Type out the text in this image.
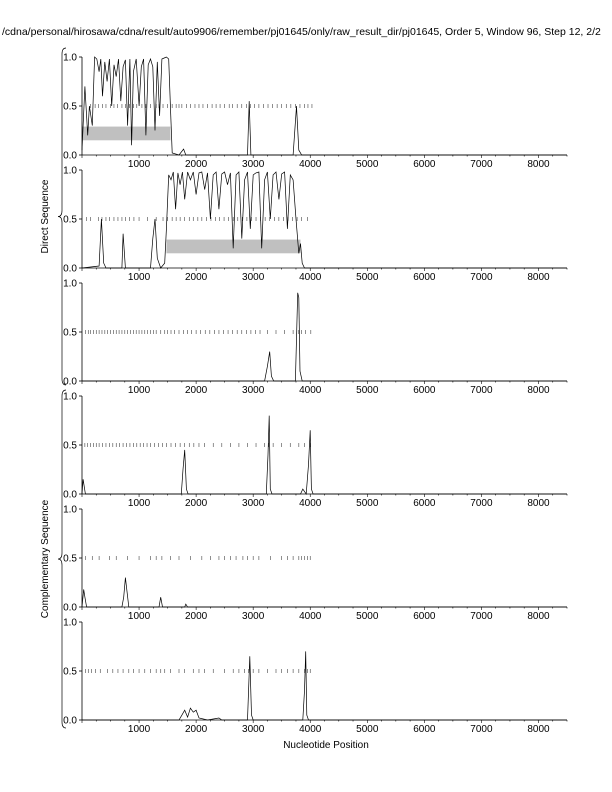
/cdna/personal/hirosawa/cdna/result/auto9906/remember/pj01645/only/raw_result_dir/pj01645, Order 5, Window 96, Step 12, 2/2
0.0
0.5
1.0
1000	2000	3000	4000	5000	6000	7000	8000
0.0
0.5
1.0
1000	2000	3000	4000	5000	6000	7000	8000
0.0
0.5
1.0
1000	2000	3000	4000	5000	6000	7000	8000
0.0
0.5
1.0
1000	2000	3000	4000	5000	6000	7000	8000
0.0
0.5
1.0
1000	2000	3000	4000	5000	6000	7000	8000
0.0
0.5
1.0
1000	2000	3000	4000	5000	6000	7000	8000
Direct Sequence
Complementary Sequence
Nucleotide Position
